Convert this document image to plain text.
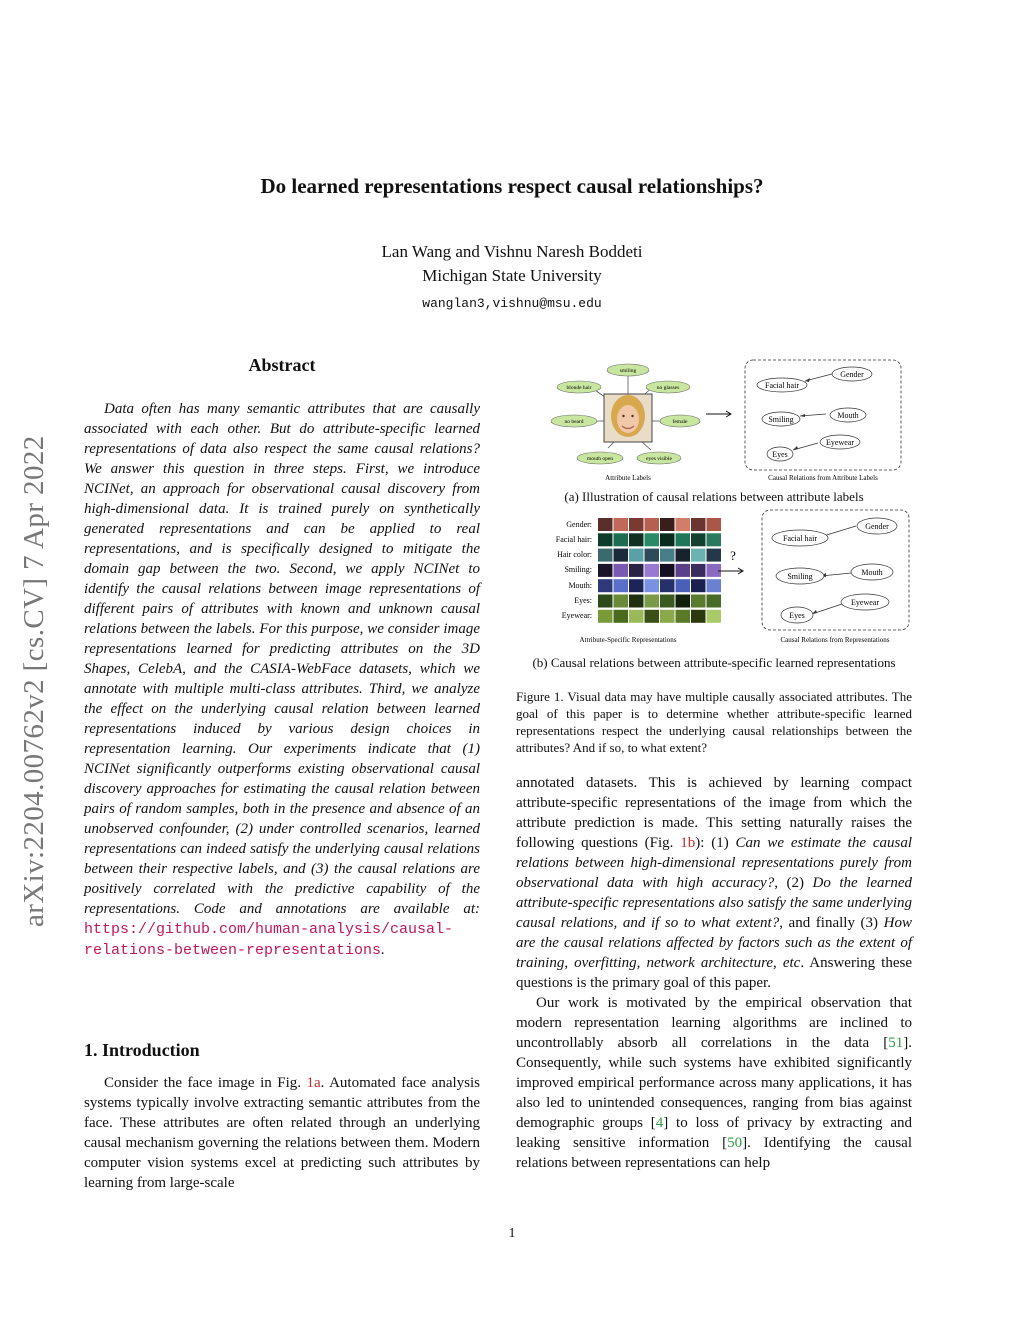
arXiv:2204.00762v2 [cs.CV] 7 Apr 2022
Do learned representations respect causal relationships?
Lan Wang and Vishnu Naresh Boddeti
Michigan State University
wanglan3,vishnu@msu.edu
Abstract
Data often has many semantic attributes that are causally associated with each other. But do attribute-specific learned representations of data also respect the same causal relations? We answer this question in three steps. First, we introduce NCINet, an approach for observational causal discovery from high-dimensional data. It is trained purely on synthetically generated representations and can be applied to real representations, and is specifically designed to mitigate the domain gap between the two. Second, we apply NCINet to identify the causal relations between image representations of different pairs of attributes with known and unknown causal relations between the labels. For this purpose, we consider image representations learned for predicting attributes on the 3D Shapes, CelebA, and the CASIA-WebFace datasets, which we annotate with multiple multi-class attributes. Third, we analyze the effect on the underlying causal relation between learned representations induced by various design choices in representation learning. Our experiments indicate that (1) NCINet significantly outperforms existing observational causal discovery approaches for estimating the causal relation between pairs of random samples, both in the presence and absence of an unobserved confounder, (2) under controlled scenarios, learned representations can indeed satisfy the underlying causal relations between their respective labels, and (3) the causal relations are positively correlated with the predictive capability of the representations. Code and annotations are available at: https://github.com/human-analysis/causal-relations-between-representations.
1. Introduction
Consider the face image in Fig. 1a. Automated face analysis systems typically involve extracting semantic attributes from the face. These attributes are often related through an underlying causal mechanism governing the relations between them. Modern computer vision systems excel at predicting such attributes by learning from large-scale
smiling
blonde hair	no glasses
no beard	female
mouth open	eyes visible
Attribute Labels
Gender
Facial hair
Smiling	Mouth
Eyewear
Eyes
Causal Relations from Attribute Labels
(a) Illustration of causal relations between attribute labels
Gender:
Facial hair:
Hair color:
Smiling:
Mouth:
Eyes:
Eyewear:
Attribute-Specific Representations
?
Gender
Facial hair
Smiling	Mouth
Eyewear
Eyes
Causal Relations from Representations
(b) Causal relations between attribute-specific learned representations
Figure 1. Visual data may have multiple causally associated attributes. The goal of this paper is to determine whether attribute-specific learned representations respect the underlying causal relationships between the attributes? And if so, to what extent?

annotated datasets. This is achieved by learning compact attribute-specific representations of the image from which the attribute prediction is made. This setting naturally raises the following questions (Fig. 1b): (1) Can we estimate the causal relations between high-dimensional representations purely from observational data with high accuracy?, (2) Do the learned attribute-specific representations also satisfy the same underlying causal relations, and if so to what extent?, and finally (3) How are the causal relations affected by factors such as the extent of training, overfitting, network architecture, etc. Answering these questions is the primary goal of this paper.

Our work is motivated by the empirical observation that modern representation learning algorithms are inclined to uncontrollably absorb all correlations in the data [51]. Consequently, while such systems have exhibited significantly improved empirical performance across many applications, it has also led to unintended consequences, ranging from bias against demographic groups [4] to loss of privacy by extracting and leaking sensitive information [50]. Identifying the causal relations between representations can help

1
